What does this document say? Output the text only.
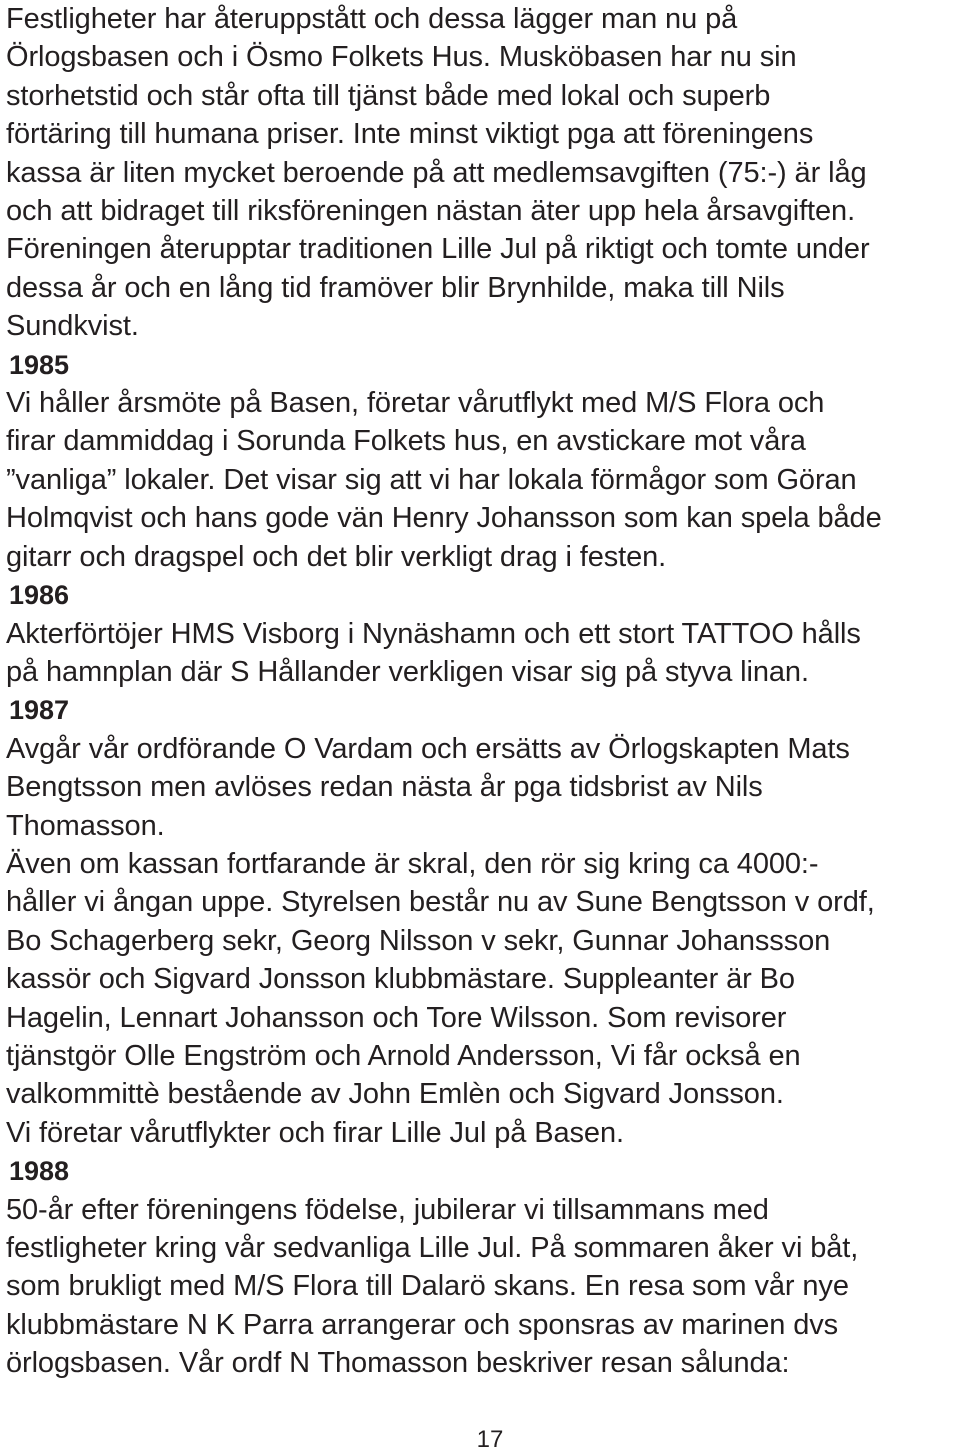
Festligheter har återuppstått och dessa lägger man nu på
Örlogsbasen och i Ösmo Folkets Hus. Musköbasen har nu sin
storhetstid och står ofta till tjänst både med lokal och superb
förtäring till humana priser. Inte minst viktigt pga att föreningens
kassa är liten mycket beroende på att medlemsavgiften (75:-) är låg
och att bidraget till riksföreningen nästan äter upp hela årsavgiften.
Föreningen återupptar traditionen Lille Jul på riktigt och tomte under
dessa år och en lång tid framöver blir Brynhilde, maka till Nils
Sundkvist.
1985
Vi håller årsmöte på Basen, företar vårutflykt med M/S Flora och
firar dammiddag i Sorunda Folkets hus, en avstickare mot våra
”vanliga” lokaler. Det visar sig att vi har lokala förmågor som Göran
Holmqvist och hans gode vän Henry Johansson som kan spela både
gitarr och dragspel och det blir verkligt drag i festen.
1986
Akterförtöjer HMS Visborg i Nynäshamn och ett stort TATTOO hålls
på hamnplan där S Hållander verkligen visar sig på styva linan.
1987
Avgår vår ordförande O Vardam och ersätts av Örlogskapten Mats
Bengtsson men avlöses redan nästa år pga tidsbrist av Nils
Thomasson.
Även om kassan fortfarande är skral, den rör sig kring ca 4000:-
håller vi ångan uppe. Styrelsen består nu av Sune Bengtsson v ordf,
Bo Schagerberg sekr, Georg Nilsson v sekr, Gunnar Johanssson
kassör och Sigvard Jonsson klubbmästare. Suppleanter är Bo
Hagelin, Lennart Johansson och Tore Wilsson. Som revisorer
tjänstgör Olle Engström och Arnold Andersson, Vi får också en
valkommittè bestående av John Emlèn och Sigvard Jonsson.
Vi företar vårutflykter och firar Lille Jul på Basen.
1988
50-år efter föreningens födelse, jubilerar vi tillsammans med
festligheter kring vår sedvanliga Lille Jul. På sommaren åker vi båt,
som brukligt med M/S Flora till Dalarö skans. En resa som vår nye
klubbmästare N K Parra arrangerar och sponsras av marinen dvs
örlogsbasen. Vår ordf N Thomasson beskriver resan sålunda:
17
